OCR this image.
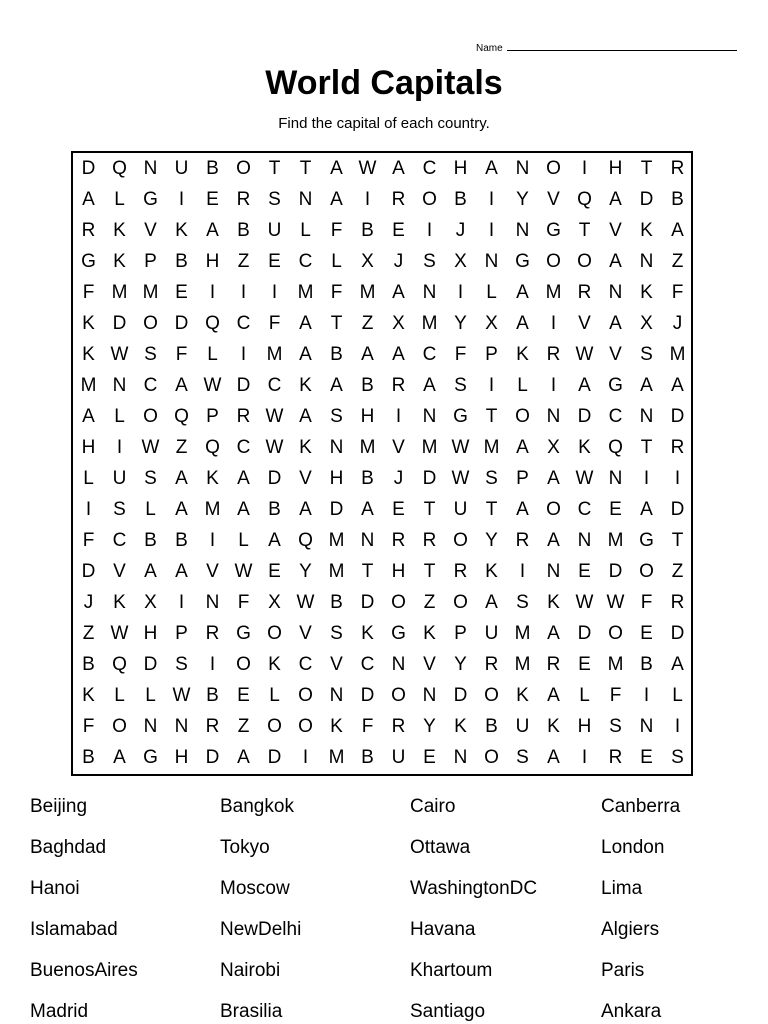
Name
World Capitals
Find the capital of each country.
D Q N U B O T	T A W A C H A N O	I	H T R
A	L G	I	E R S N A	I	R O B	I	Y V Q A D B
R K V K A B U L	F B E	I	J	I	N G T V K A
G K P B H Z E C L	X	J	S X N G O O A N Z
F M M E	I	I	I	M F M A N	I	L	A M R N K F
K D O D Q C F A T	Z X M Y X A	I	V A X	J
K W S F	L	I	M A B A A C F P K R W V S M
M N C A W D C K A B R A S	I	L	I	A G A A
A	L O Q P R W A S H	I	N G T O N D C N D
H	I	W Z Q C W K N M V M W M A X K Q T R
L U S A K A D V H B	J	D W S P A W N	I	I
I	S	L	A M A B A D A E T U T A O C E A D
F C B B	I	L	A Q M N R R O Y R A N M G T
D V A A V W E Y M T H T R K	I	N E D O Z
J	K X	I	N F X W B D O Z O A S K W W F R
Z W H P R G O V S K G K P U M A D O E D
B Q D S	I	O K C V C N V Y R M R E M B A
K	L	L W B E	L O N D O N D O K A	L	F	I	L
F O N N R Z O O K F R Y K B U K H S N	I
B A G H D A D	I	M B U E N O S A	I	R E S
Beijing	Bangkok	Cairo	Canberra
Baghdad	Tokyo	Ottawa	London
Hanoi	Moscow	WashingtonDC	Lima
Islamabad	NewDelhi	Havana	Algiers
BuenosAires	Nairobi	Khartoum	Paris
Madrid	Brasilia	Santiago	Ankara
